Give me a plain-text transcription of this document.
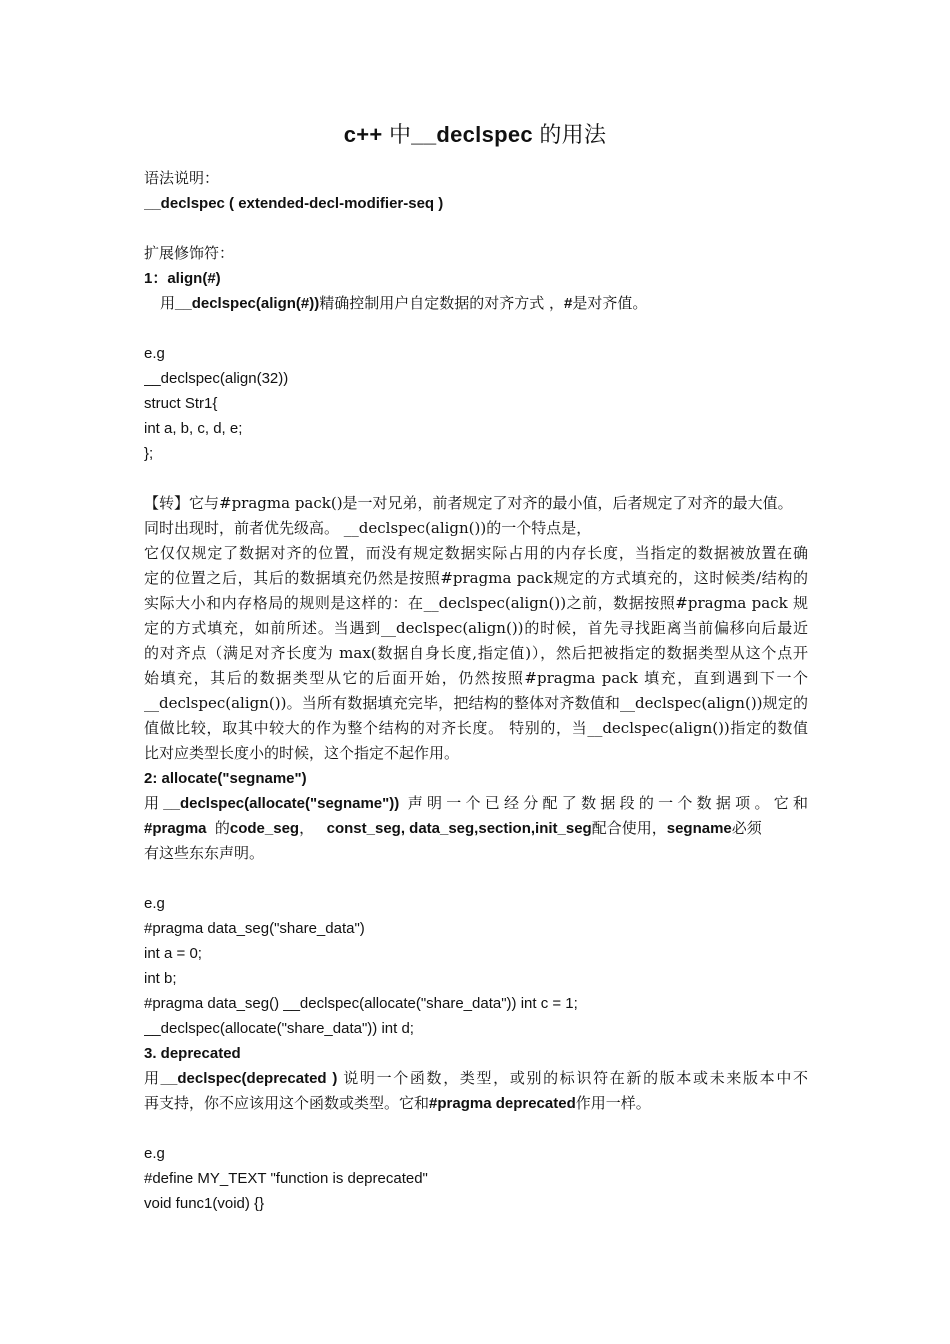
c++ 中__declspec 的用法
语法说明：
__declspec ( extended-decl-modifier-seq )
扩展修饰符：
1：align(#)
用__declspec(align(#))精确控制用户自定数据的对齐方式 ，#是对齐值。
e.g
__declspec(align(32))
struct Str1{
int a, b, c, d, e;
};
【转】它与#pragma pack()是一对兄弟，前者规定了对齐的最小值，后者规定了对齐的最大值。
同时出现时，前者优先级高。 __declspec(align())的一个特点是，
它仅仅规定了数据对齐的位置，而没有规定数据实际占用的内存长度，当指定的数据被放置在确
定的位置之后，其后的数据填充仍然是按照#pragma pack规定的方式填充的，这时候类/结构的
实际大小和内存格局的规则是这样的：在__declspec(align())之前，数据按照#pragma pack 规
定的方式填充，如前所述。当遇到__declspec(align())的时候，首先寻找距离当前偏移向后最近
的对齐点（满足对齐长度为 max(数据自身长度,指定值)），然后把被指定的数据类型从这个点开
始填充，其后的数据类型从它的后面开始，仍然按照#pragma pack 填充，直到遇到下一个
__declspec(align())。当所有数据填充完毕，把结构的整体对齐数值和__declspec(align())规定的
值做比较，取其中较大的作为整个结构的对齐长度。 特别的，当__declspec(align())指定的数值
比对应类型长度小的时候，这个指定不起作用。
2: allocate("segname")
用__declspec(allocate("segname")) 声明一个已经分配了数据段的一个数据项。它和
#pragma 的code_seg， const_seg, data_seg,section,init_seg配合使用，segname必须
有这些东东声明。
e.g
#pragma data_seg("share_data")
int a = 0;
int b;
#pragma data_seg() __declspec(allocate("share_data")) int c = 1;
__declspec(allocate("share_data")) int d;
3. deprecated
用__declspec(deprecated ) 说明一个函数，类型，或别的标识符在新的版本或未来版本中不
再支持，你不应该用这个函数或类型。它和#pragma deprecated作用一样。
e.g
#define MY_TEXT "function is deprecated"
void func1(void) {}
